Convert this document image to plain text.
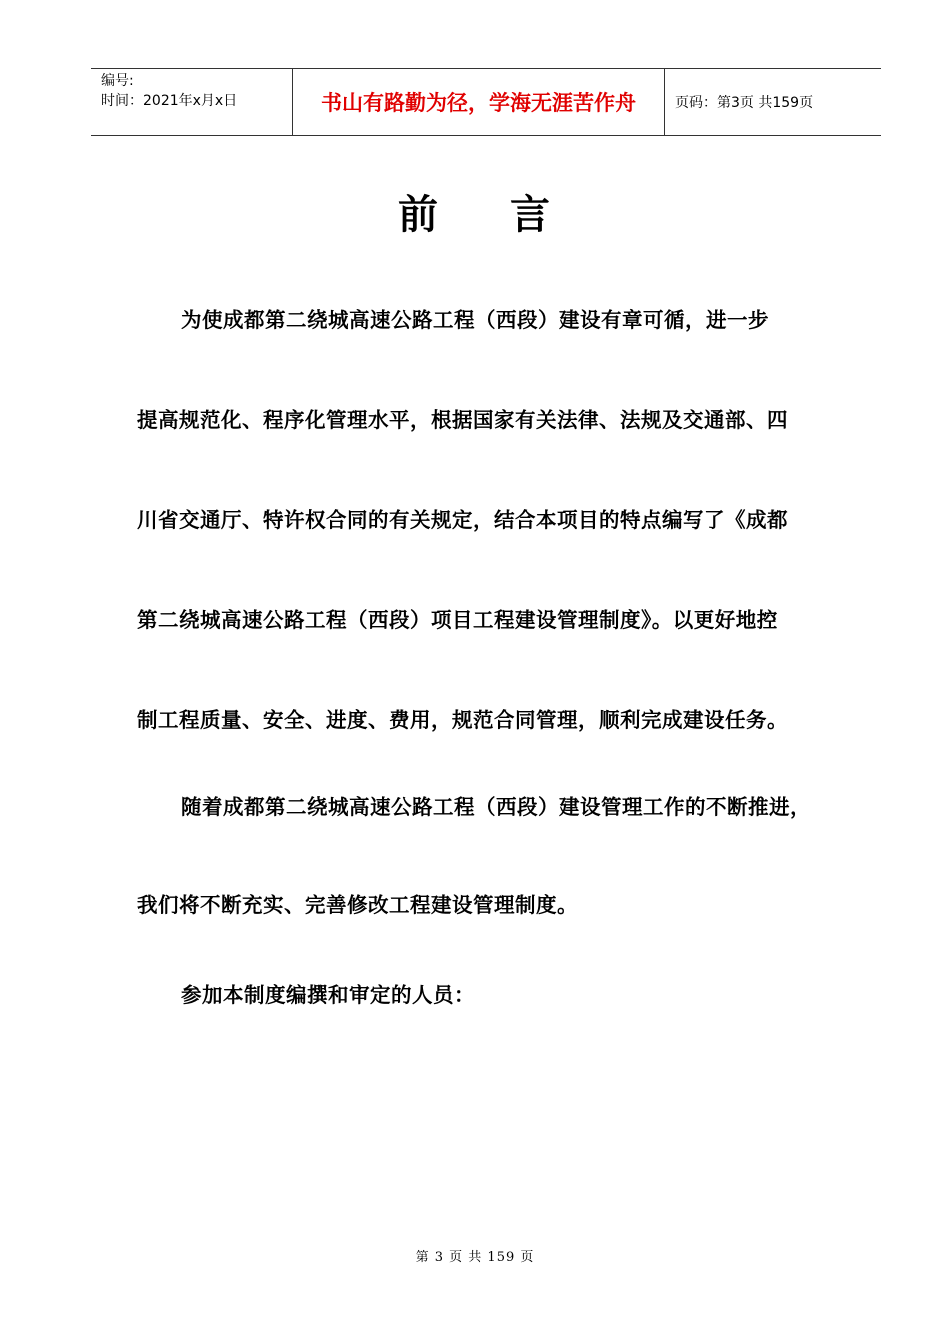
编号:
时间：2021年x月x日	书山有路勤为径，学海无涯苦作舟	页码：第3页 共159页
前 言
为使成都第二绕城高速公路工程（西段）建设有章可循，进一步
提高规范化、程序化管理水平，根据国家有关法律、法规及交通部、四
川省交通厅、特许权合同的有关规定，结合本项目的特点编写了《成都
第二绕城高速公路工程（西段）项目工程建设管理制度》。以更好地控
制工程质量、安全、进度、费用，规范合同管理，顺利完成建设任务。
随着成都第二绕城高速公路工程（西段）建设管理工作的不断推进，
我们将不断充实、完善修改工程建设管理制度。
参加本制度编撰和审定的人员：
第 3 页 共 159 页
